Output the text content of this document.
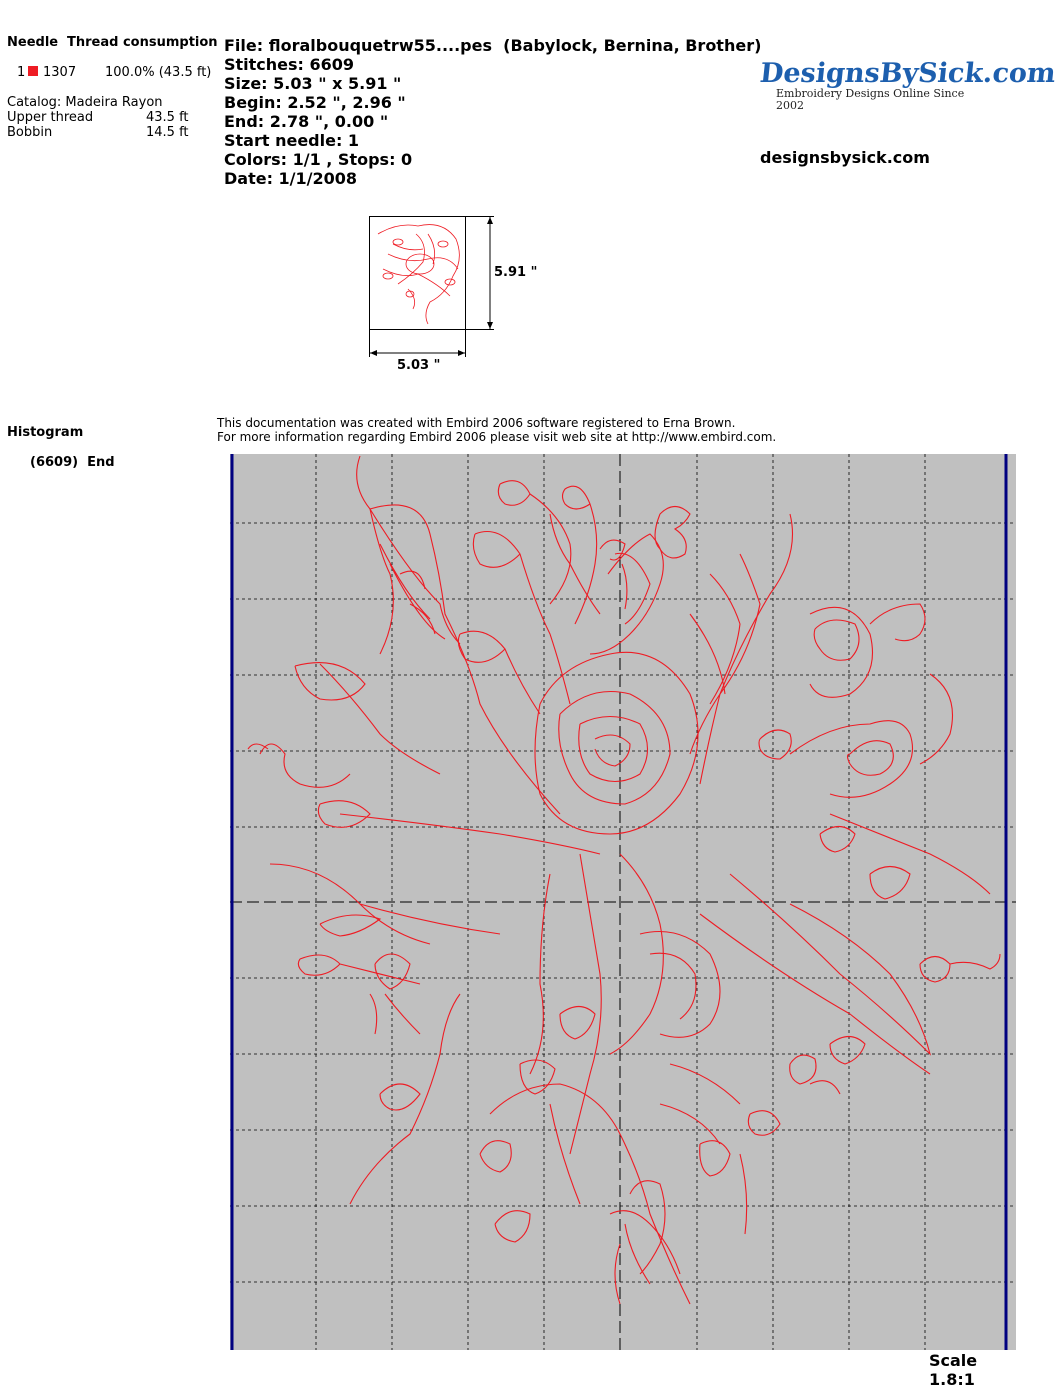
Needle Thread consumption
1 1307 100.0% (43.5 ft)
Catalog: Madeira Rayon
Upper thread	43.5 ft
Bobbin	14.5 ft
File: floralbouquetrw55....pes  (Babylock, Bernina, Brother)
Stitches: 6609
Size: 5.03 " x 5.91 "
Begin: 2.52 ", 2.96 "
End: 2.78 ", 0.00 "
Start needle: 1
Colors: 1/1 , Stops: 0
Date: 1/1/2008
DesignsBySick.com
Embroidery Designs Online Since 2002
designsbysick.com
5.03 "
5.91 "
Histogram
(6609)  End
This documentation was created with Embird 2006 software registered to Erna Brown.
For more information regarding Embird 2006 please visit web site at http://www.embird.com.
Scale 1.8:1
